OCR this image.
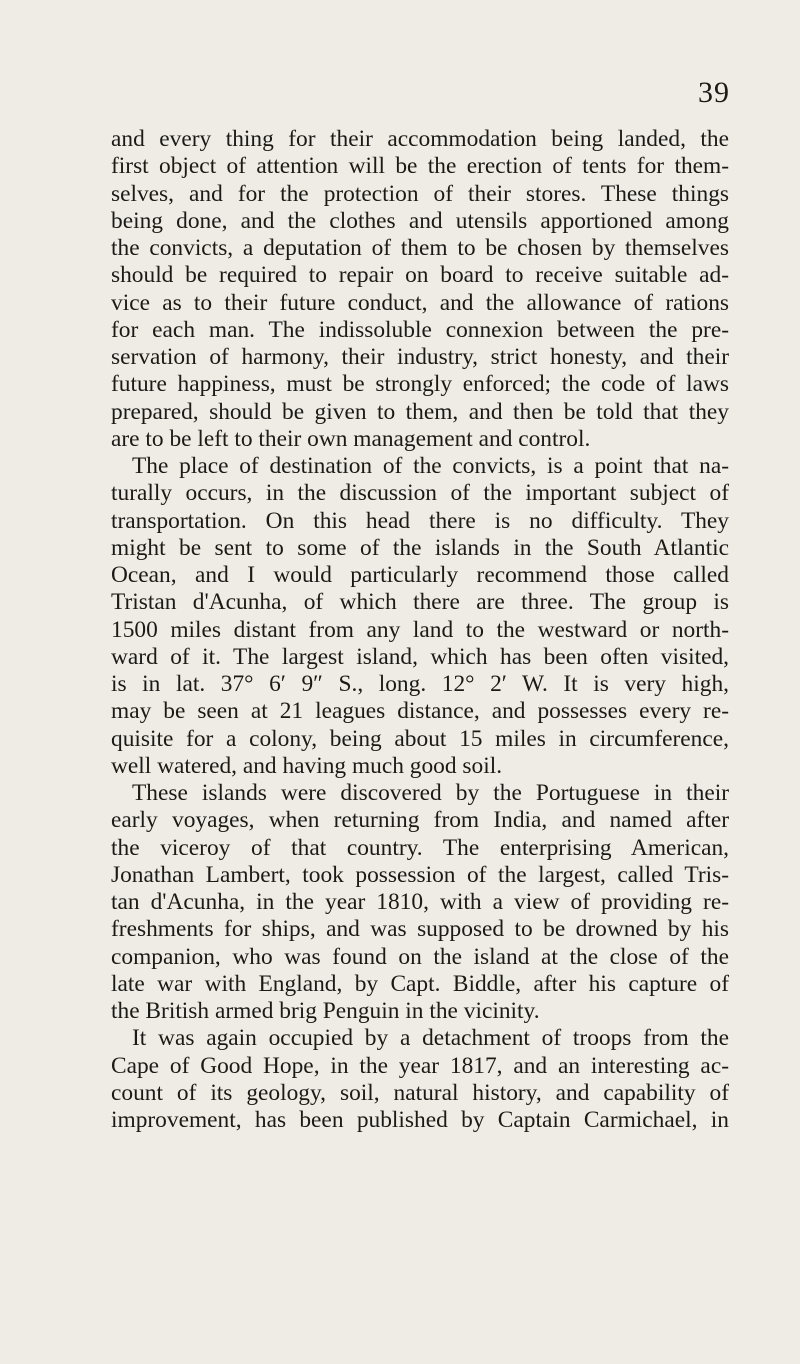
39
and every thing for their accommodation being landed, the
first object of attention will be the erection of tents for them-
selves, and for the protection of their stores. These things
being done, and the clothes and utensils apportioned among
the convicts, a deputation of them to be chosen by themselves
should be required to repair on board to receive suitable ad-
vice as to their future conduct, and the allowance of rations
for each man. The indissoluble connexion between the pre-
servation of harmony, their industry, strict honesty, and their
future happiness, must be strongly enforced; the code of laws
prepared, should be given to them, and then be told that they
are to be left to their own management and control.
The place of destination of the convicts, is a point that na-
turally occurs, in the discussion of the important subject of
transportation. On this head there is no difficulty. They
might be sent to some of the islands in the South Atlantic
Ocean, and I would particularly recommend those called
Tristan d'Acunha, of which there are three. The group is
1500 miles distant from any land to the westward or north-
ward of it. The largest island, which has been often visited,
is in lat. 37° 6′ 9″ S., long. 12° 2′ W. It is very high,
may be seen at 21 leagues distance, and possesses every re-
quisite for a colony, being about 15 miles in circumference,
well watered, and having much good soil.
These islands were discovered by the Portuguese in their
early voyages, when returning from India, and named after
the viceroy of that country. The enterprising American,
Jonathan Lambert, took possession of the largest, called Tris-
tan d'Acunha, in the year 1810, with a view of providing re-
freshments for ships, and was supposed to be drowned by his
companion, who was found on the island at the close of the
late war with England, by Capt. Biddle, after his capture of
the British armed brig Penguin in the vicinity.
It was again occupied by a detachment of troops from the
Cape of Good Hope, in the year 1817, and an interesting ac-
count of its geology, soil, natural history, and capability of
improvement, has been published by Captain Carmichael, in
